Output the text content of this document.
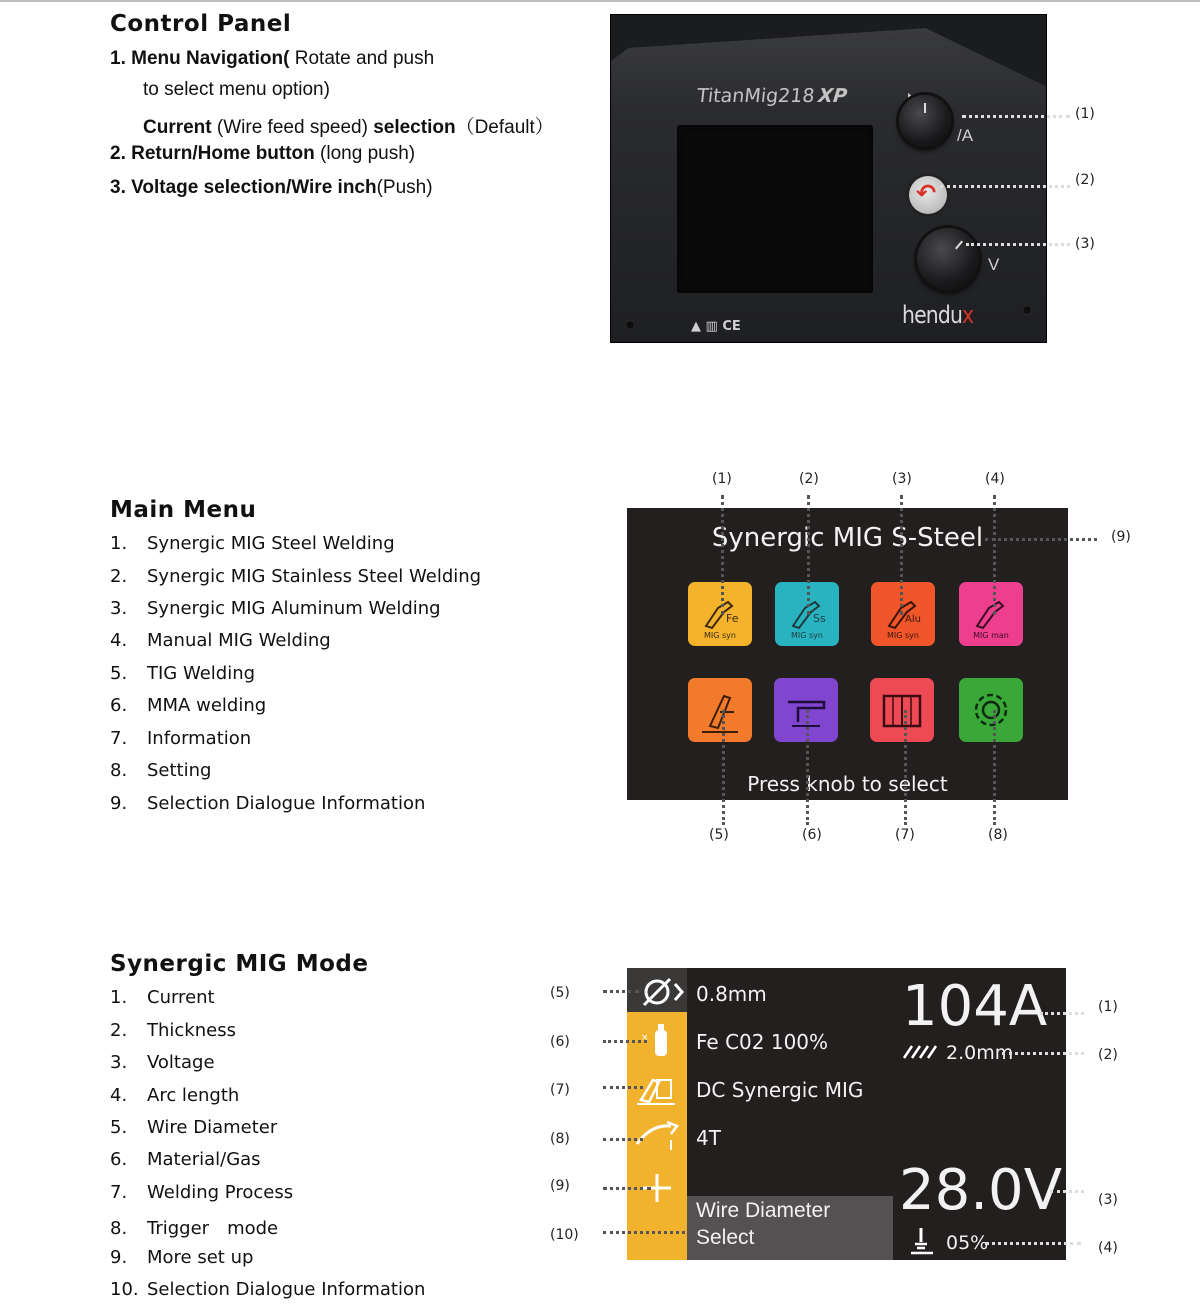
Control Panel
1. Menu Navigation( Rotate and push
to select menu option)
Current (Wire feed speed) selection（Default）
2. Return/Home button (long push)
3. Voltage selection/Wire inch(Push)
TitanMig218XP
/A
↶
V
hendux
▲ ▥ CE
(1)
(2)
(3)
Main Menu
1. Synergic MIG Steel Welding
2. Synergic MIG Stainless Steel Welding
3. Synergic MIG Aluminum Welding
4. Manual MIG Welding
5. TIG Welding
6. MMA welding
7. Information
8. Setting
9. Selection Dialogue Information
Synergic MIG S-Steel
Fe
MIG syn
Ss
MIG syn
Alu
MIG syn	MIG man
Press knob to select
(1)	(2)	(3)	(4)
(5)	(6)	(7)	(8)
(9)
Synergic MIG Mode
1. Current
2. Thickness
3. Voltage
4. Arc length
5. Wire Diameter
6. Material/Gas
7. Welding Process
8. Trigger　mode
9. More set up
10. Selection Dialogue Information
×
0.8mm
Fe C02 100%
DC Synergic MIG
4T
104A
2.0mm
28.0V
05%
Wire Diameter
Select
(5)
(6)
(7)
(8)
(9)
(10)
(1)
(2)
(3)
(4)
